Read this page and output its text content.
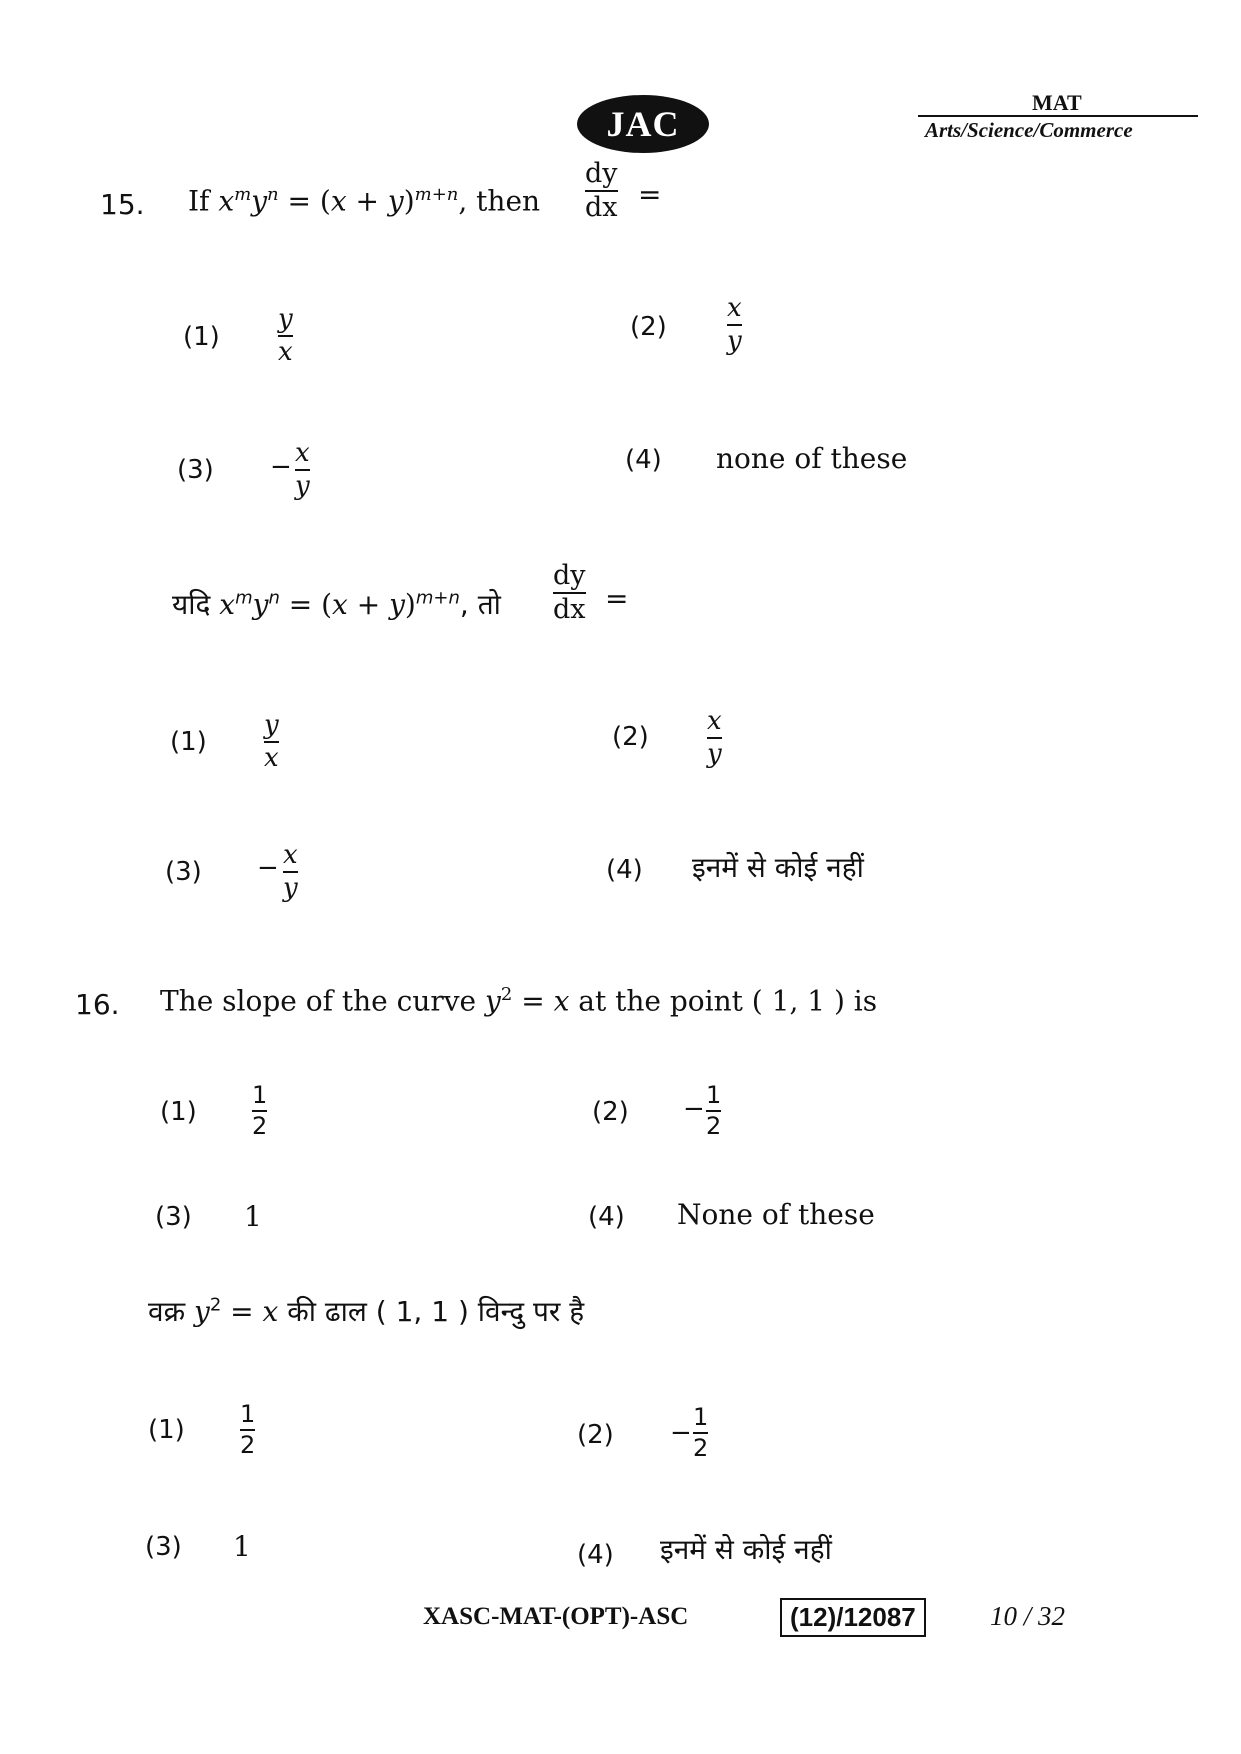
JAC
MAT
Arts/Science/Commerce
15. If $x^my^n = (x + y)^{m+n}$, then
dy
dx =
(1)
y
x
(2)
x
y
(3) − x
y
(4) none of these
यदि $x^my^n = (x + y)^{m+n}$, तो
dy
dx =
(1)
y
x
(2)
x
y
(3) − x
y
(4) इनमें से कोई नहीं
16. The slope of the curve $y^2 = x$ at the point ( 1, 1 ) is
(1)
1
2	(2) − 1
2
(3) 1	(4) None of these
वक्र $y^2 = x$ की ढाल ( 1, 1 ) विन्दु पर है
(1)
1
2	(2) −
1
2
(3) 1	(4) इनमें से कोई नहीं
XASC-MAT-(OPT)-ASC	(12)/12087	10 / 32
